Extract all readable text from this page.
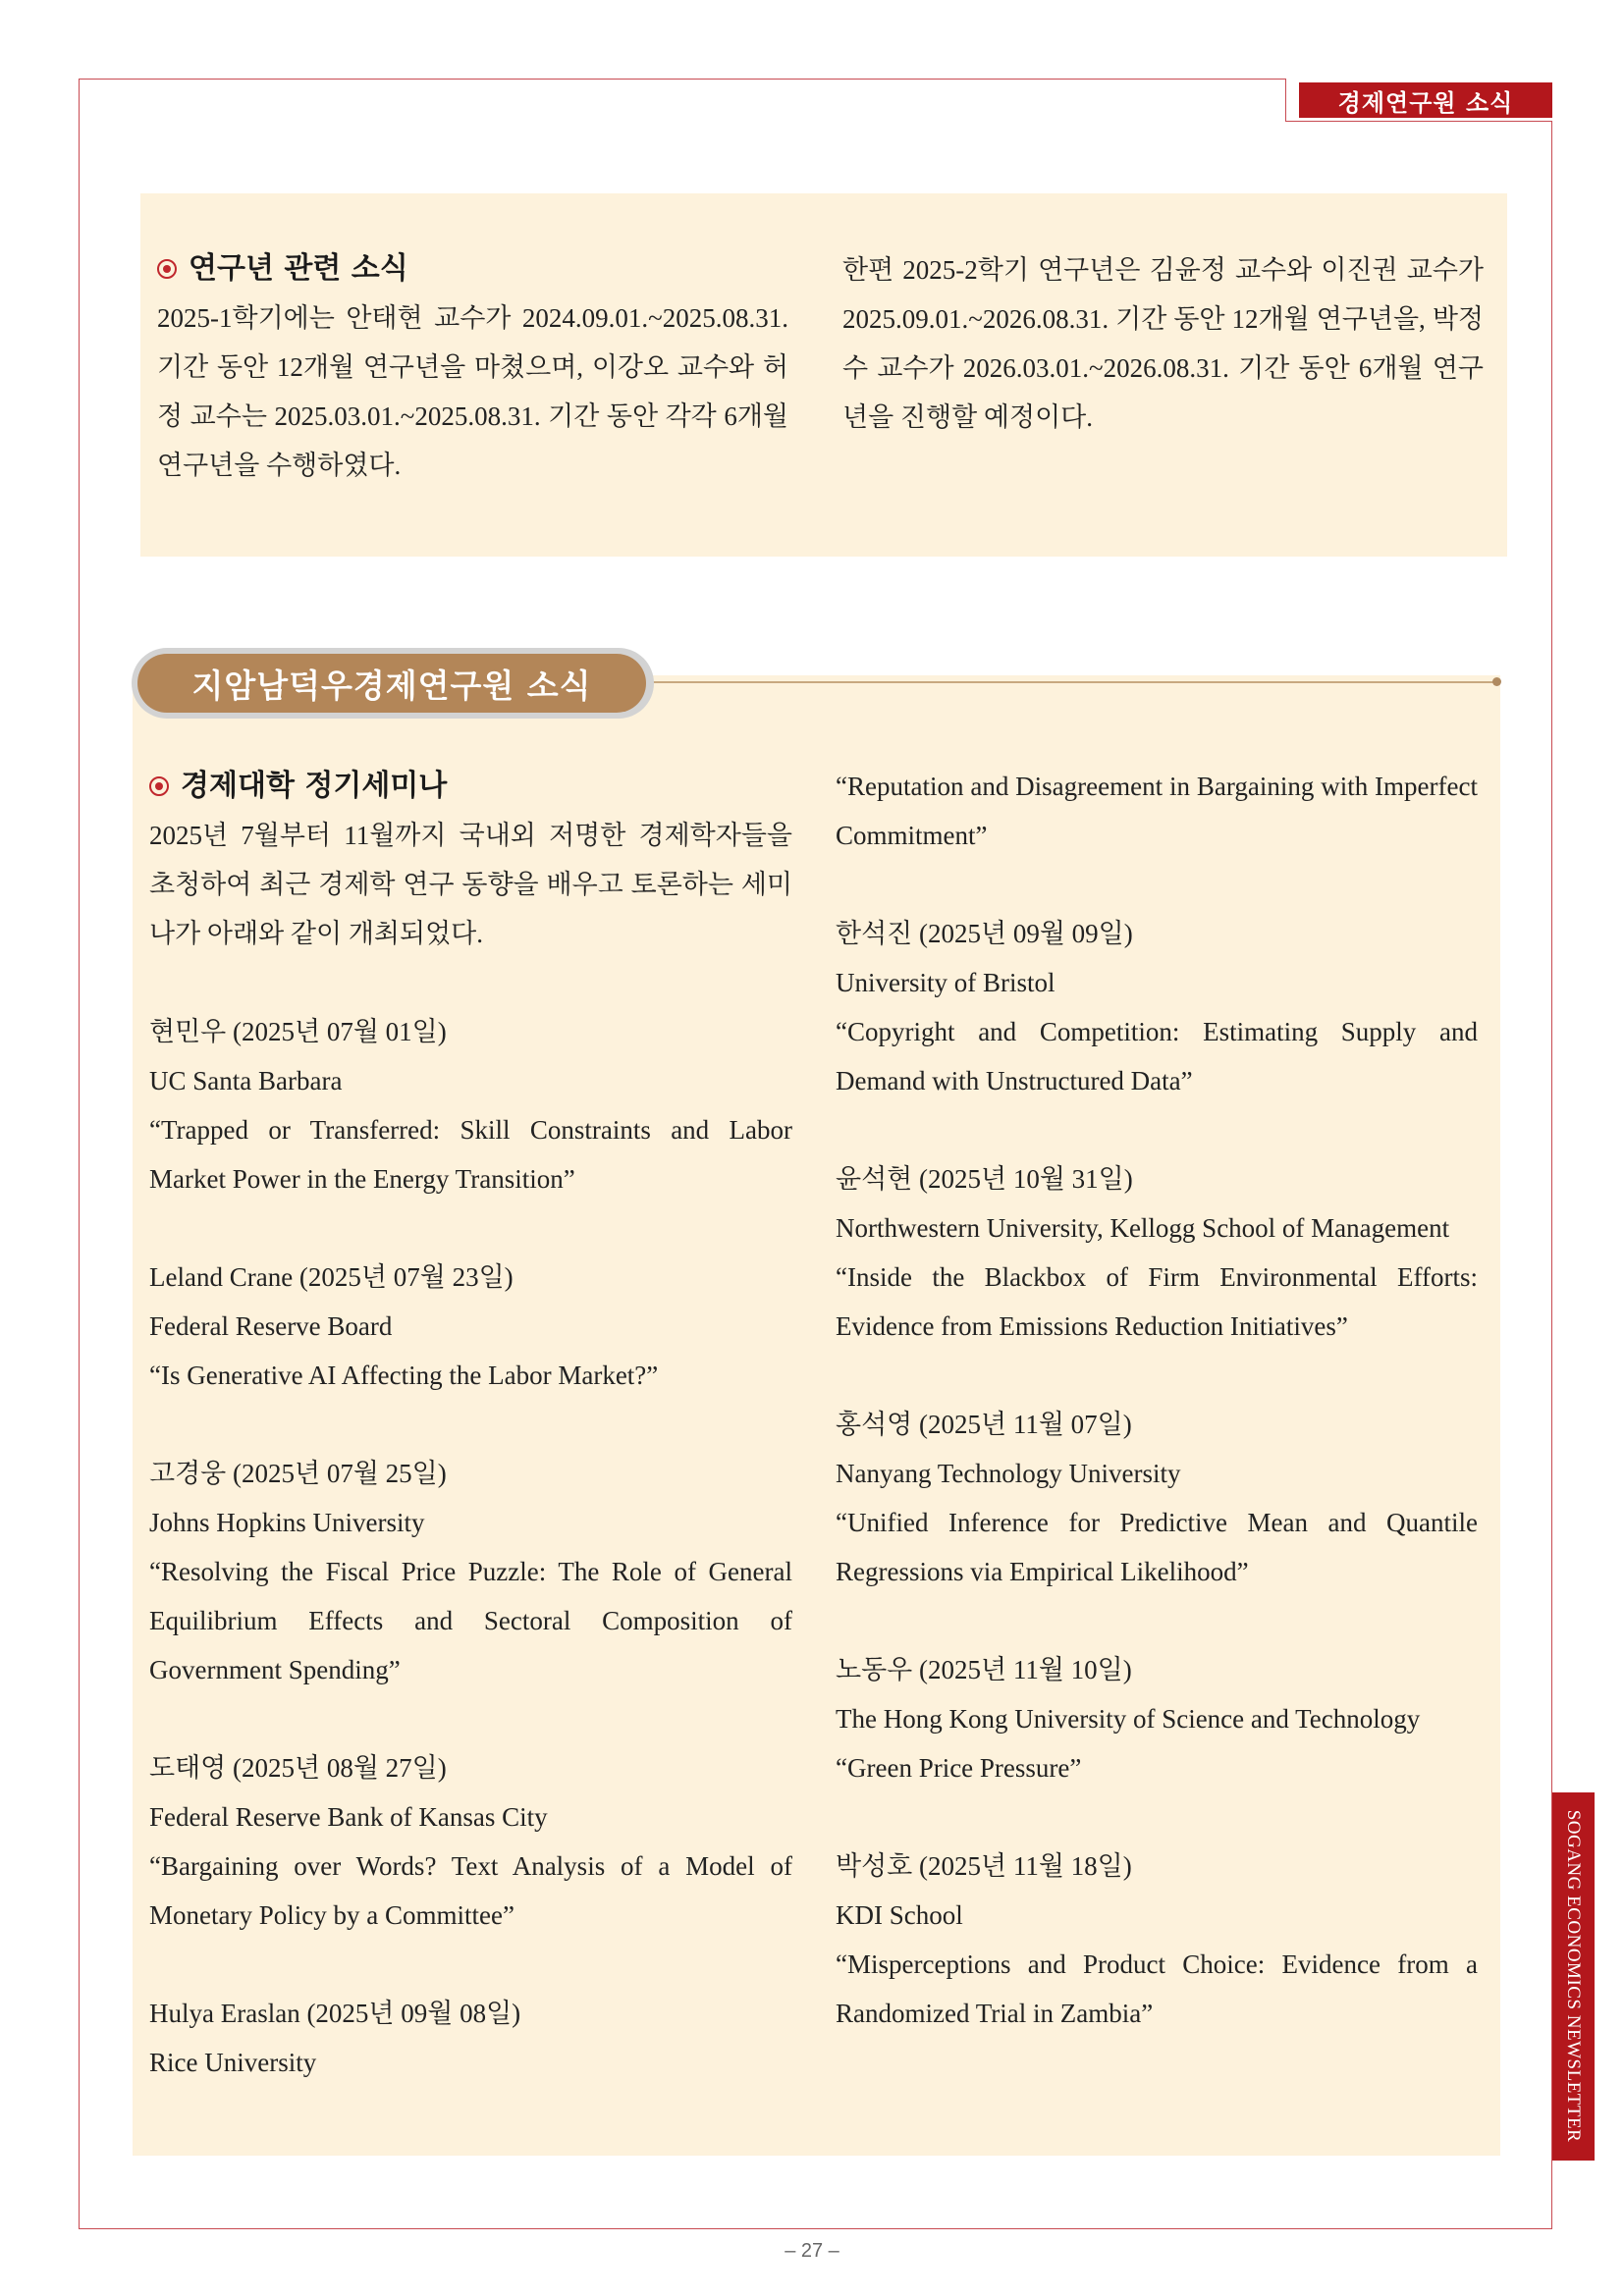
경제연구원 소식
연구년 관련 소식
2025-1학기에는 안태현 교수가 2024.09.01.~2025.08.31. 기간 동안 12개월 연구년을 마쳤으며, 이강오 교수와 허정 교수는 2025.03.01.~2025.08.31. 기간 동안 각각 6개월 연구년을 수행하였다.
한편 2025-2학기 연구년은 김윤정 교수와 이진권 교수가 2025.09.01.~2026.08.31. 기간 동안 12개월 연구년을, 박정수 교수가 2026.03.01.~2026.08.31. 기간 동안 6개월 연구년을 진행할 예정이다.
경제대학 정기세미나
2025년 7월부터 11월까지 국내외 저명한 경제학자들을 초청하여 최근 경제학 연구 동향을 배우고 토론하는 세미나가 아래와 같이 개최되었다.
현민우 (2025년 07월 01일)
UC Santa Barbara
“Trapped or Transferred: Skill Constraints and Labor Market Power in the Energy Transition”
Leland Crane (2025년 07월 23일)
Federal Reserve Board
“Is Generative AI Affecting the Labor Market?”
고경웅 (2025년 07월 25일)
Johns Hopkins University
“Resolving the Fiscal Price Puzzle: The Role of General Equilibrium Effects and Sectoral Composition of Government Spending”
도태영 (2025년 08월 27일)
Federal Reserve Bank of Kansas City
“Bargaining over Words? Text Analysis of a Model of Monetary Policy by a Committee”
Hulya Eraslan (2025년 09월 08일)
Rice University
“Reputation and Disagreement in Bargaining with Imperfect Commitment”
한석진 (2025년 09월 09일)
University of Bristol
“Copyright and Competition: Estimating Supply and Demand with Unstructured Data”
윤석현 (2025년 10월 31일)
Northwestern University, Kellogg School of Management
“Inside the Blackbox of Firm Environmental Efforts: Evidence from Emissions Reduction Initiatives”
홍석영 (2025년 11월 07일)
Nanyang Technology University
“Unified Inference for Predictive Mean and Quantile Regressions via Empirical Likelihood”
노동우 (2025년 11월 10일)
The Hong Kong University of Science and Technology
“Green Price Pressure”
박성호 (2025년 11월 18일)
KDI School
“Misperceptions and Product Choice: Evidence from a Randomized Trial in Zambia”
지암남덕우경제연구원 소식
SOGANG ECONOMICS NEWSLETTER
– 27 –
